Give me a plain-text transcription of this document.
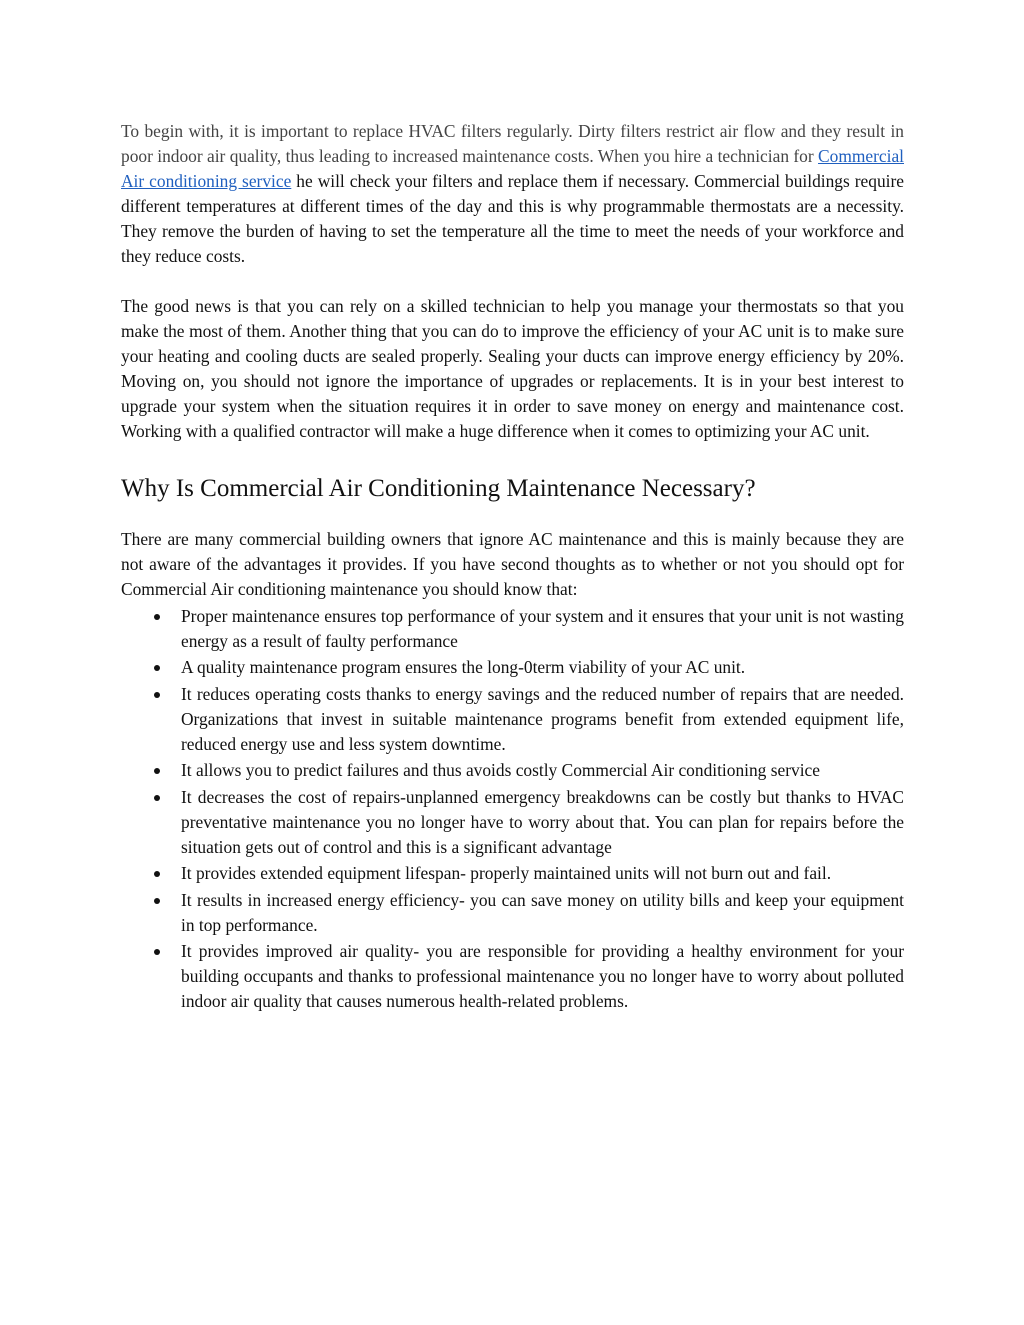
To begin with, it is important to replace HVAC filters regularly. Dirty filters restrict air flow and they result in poor indoor air quality, thus leading to increased maintenance costs. When you hire a technician for Commercial Air conditioning service he will check your filters and replace them if necessary. Commercial buildings require different temperatures at different times of the day and this is why programmable thermostats are a necessity. They remove the burden of having to set the temperature all the time to meet the needs of your workforce and they reduce costs.

The good news is that you can rely on a skilled technician to help you manage your thermostats so that you make the most of them. Another thing that you can do to improve the efficiency of your AC unit is to make sure your heating and cooling ducts are sealed properly. Sealing your ducts can improve energy efficiency by 20%. Moving on, you should not ignore the importance of upgrades or replacements. It is in your best interest to upgrade your system when the situation requires it in order to save money on energy and maintenance cost. Working with a qualified contractor will make a huge difference when it comes to optimizing your AC unit.

Why Is Commercial Air Conditioning Maintenance Necessary?

There are many commercial building owners that ignore AC maintenance and this is mainly because they are not aware of the advantages it provides. If you have second thoughts as to whether or not you should opt for Commercial Air conditioning maintenance you should know that:

Proper maintenance ensures top performance of your system and it ensures that your unit is not wasting energy as a result of faulty performance
A quality maintenance program ensures the long-0term viability of your AC unit.
It reduces operating costs thanks to energy savings and the reduced number of repairs that are needed. Organizations that invest in suitable maintenance programs benefit from extended equipment life, reduced energy use and less system downtime.
It allows you to predict failures and thus avoids costly Commercial Air conditioning service
It decreases the cost of repairs-unplanned emergency breakdowns can be costly but thanks to HVAC preventative maintenance you no longer have to worry about that. You can plan for repairs before the situation gets out of control and this is a significant advantage
It provides extended equipment lifespan- properly maintained units will not burn out and fail.
It results in increased energy efficiency- you can save money on utility bills and keep your equipment in top performance.
It provides improved air quality- you are responsible for providing a healthy environment for your building occupants and thanks to professional maintenance you no longer have to worry about polluted indoor air quality that causes numerous health-related problems.
